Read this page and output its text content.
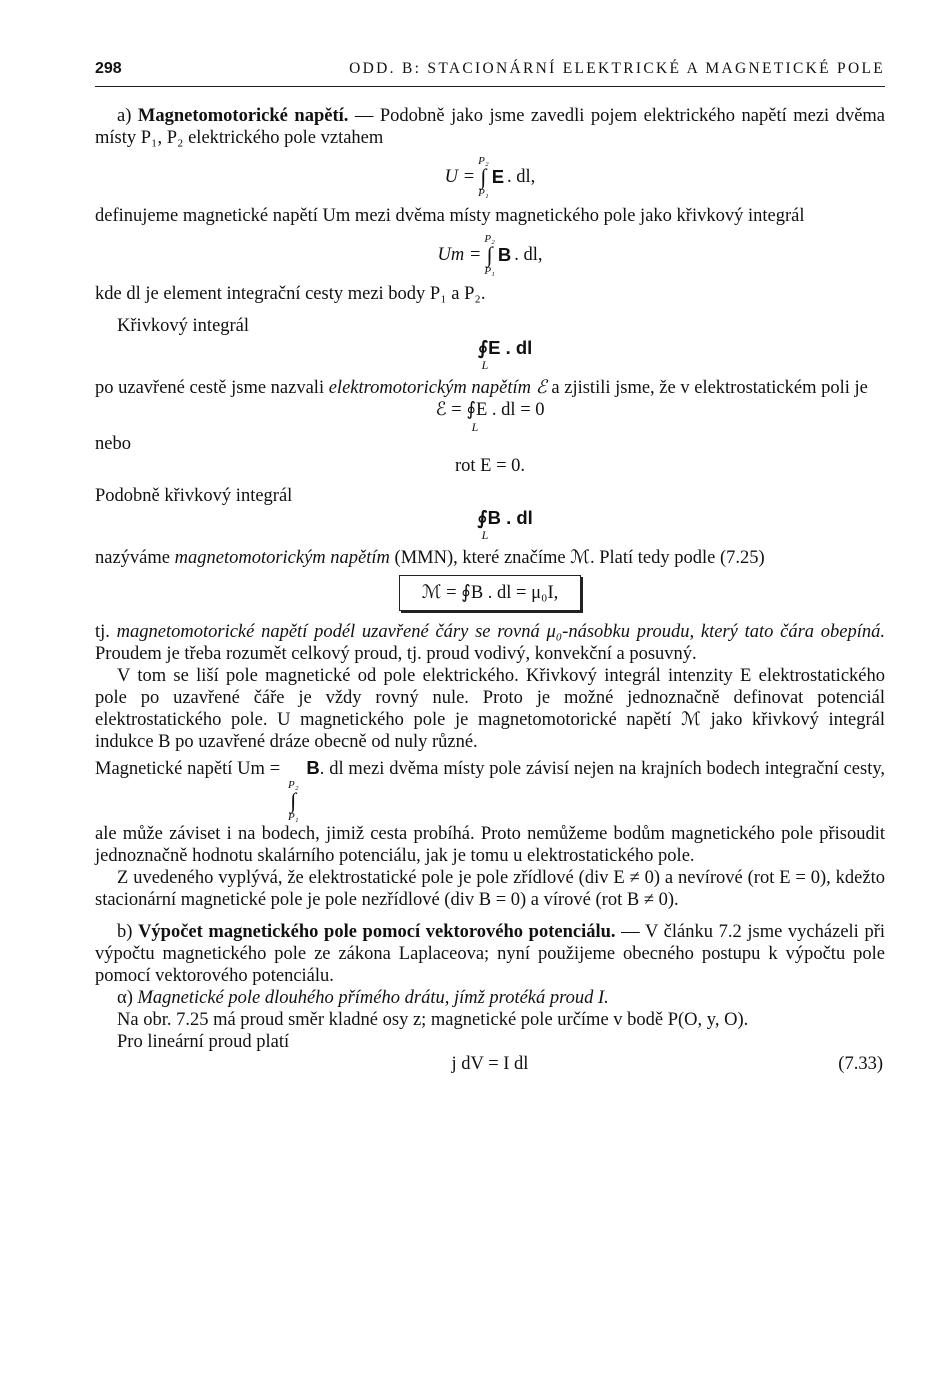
298	ODD. B: STACIONÁRNÍ ELEKTRICKÉ A MAGNETICKÉ POLE

a) Magnetomotorické napětí. — Podobně jako jsme zavedli pojem elektrického napětí mezi dvěma místy P₁, P₂ elektrického pole vztahem

U =
P₂
∫
P₁
E . dl,

definujeme magnetické napětí Um mezi dvěma místy magnetického pole jako křivkový integrál

Um =
P₂
∫
P₁
B . dl,

kde dl je element integrační cesty mezi body P₁ a P₂.

Křivkový integrál

∮E . dl
L

po uzavřené cestě jsme nazvali elektromotorickým napětím ℰ a zjistili jsme, že v elektrostatickém poli je

ℰ = ∮E . dl = 0
L

nebo

rot E = 0.

Podobně křivkový integrál

∮B . dl
L

nazýváme magnetomotorickým napětím (MMN), které značíme ℳ. Platí tedy podle (7.25)

ℳ = ∮B . dl = μ₀I,

tj. magnetomotorické napětí podél uzavřené čáry se rovná μ₀-násobku proudu, který tato čára obepíná. Proudem je třeba rozumět celkový proud, tj. proud vodivý, konvekční a posuvný.

V tom se liší pole magnetické od pole elektrického. Křivkový integrál intenzity E elektrostatického pole po uzavřené čáře je vždy rovný nule. Proto je možné jednoznačně definovat potenciál elektrostatického pole. U magnetického pole je magnetomotorické napětí ℳ jako křivkový integrál indukce B po uzavřené dráze obecně od nuly různé.

Magnetické napětí Um =
P₂
∫
P₁
B. dl mezi dvěma místy pole závisí nejen na krajních bodech integrační cesty, ale může záviset i na bodech, jimiž cesta probíhá. Proto nemůžeme bodům magnetického pole přisoudit jednoznačně hodnotu skalárního potenciálu, jak je tomu u elektrostatického pole.

Z uvedeného vyplývá, že elektrostatické pole je pole zřídlové (div E ≠ 0) a nevírové (rot E = 0), kdežto stacionární magnetické pole je pole nezřídlové (div B = 0) a vírové (rot B ≠ 0).

b) Výpočet magnetického pole pomocí vektorového potenciálu. — V článku 7.2 jsme vycházeli při výpočtu magnetického pole ze zákona Laplaceova; nyní použijeme obecného postupu k výpočtu pole pomocí vektorového potenciálu.

α) Magnetické pole dlouhého přímého drátu, jímž protéká proud I.

Na obr. 7.25 má proud směr kladné osy z; magnetické pole určíme v bodě P(O, y, O).

Pro lineární proud platí

j dV = I dl	(7.33)
